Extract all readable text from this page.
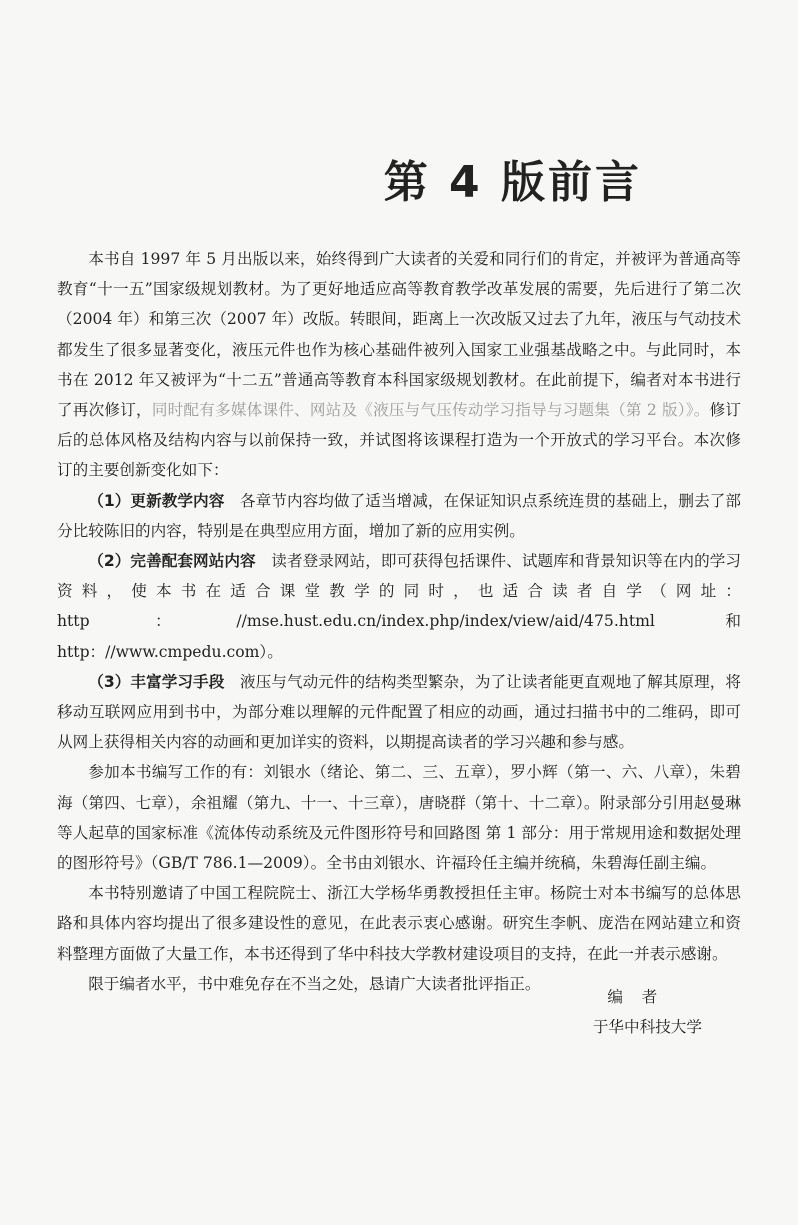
第 4 版前言

本书自 1997 年 5 月出版以来，始终得到广大读者的关爱和同行们的肯定，并被评为普通高等教育“十一五”国家级规划教材。为了更好地适应高等教育教学改革发展的需要，先后进行了第二次（2004 年）和第三次（2007 年）改版。转眼间，距离上一次改版又过去了九年，液压与气动技术都发生了很多显著变化，液压元件也作为核心基础件被列入国家工业强基战略之中。与此同时，本书在 2012 年又被评为“十二五”普通高等教育本科国家级规划教材。在此前提下，编者对本书进行了再次修订，同时配有多媒体课件、网站及《液压与气压传动学习指导与习题集（第 2 版）》。修订后的总体风格及结构内容与以前保持一致，并试图将该课程打造为一个开放式的学习平台。本次修订的主要创新变化如下：

（1）更新教学内容 各章节内容均做了适当增减，在保证知识点系统连贯的基础上，删去了部分比较陈旧的内容，特别是在典型应用方面，增加了新的应用实例。

（2）完善配套网站内容 读者登录网站，即可获得包括课件、试题库和背景知识等在内的学习资料，使本书在适合课堂教学的同时，也适合读者自学（网址：http：//mse.hust.edu.cn/index.php/index/view/aid/475.html 和 http：//www.cmpedu.com）。

（3）丰富学习手段 液压与气动元件的结构类型繁杂，为了让读者能更直观地了解其原理，将移动互联网应用到书中，为部分难以理解的元件配置了相应的动画，通过扫描书中的二维码，即可从网上获得相关内容的动画和更加详实的资料，以期提高读者的学习兴趣和参与感。

参加本书编写工作的有：刘银水（绪论、第二、三、五章），罗小辉（第一、六、八章），朱碧海（第四、七章），余祖耀（第九、十一、十三章），唐晓群（第十、十二章）。附录部分引用赵曼琳等人起草的国家标准《流体传动系统及元件图形符号和回路图 第 1 部分：用于常规用途和数据处理的图形符号》（GB/T 786.1—2009）。全书由刘银水、许福玲任主编并统稿，朱碧海任副主编。

本书特别邀请了中国工程院院士、浙江大学杨华勇教授担任主审。杨院士对本书编写的总体思路和具体内容均提出了很多建设性的意见，在此表示衷心感谢。研究生李帆、庞浩在网站建立和资料整理方面做了大量工作，本书还得到了华中科技大学教材建设项目的支持，在此一并表示感谢。

限于编者水平，书中难免存在不当之处，恳请广大读者批评指正。

编者
于华中科技大学
